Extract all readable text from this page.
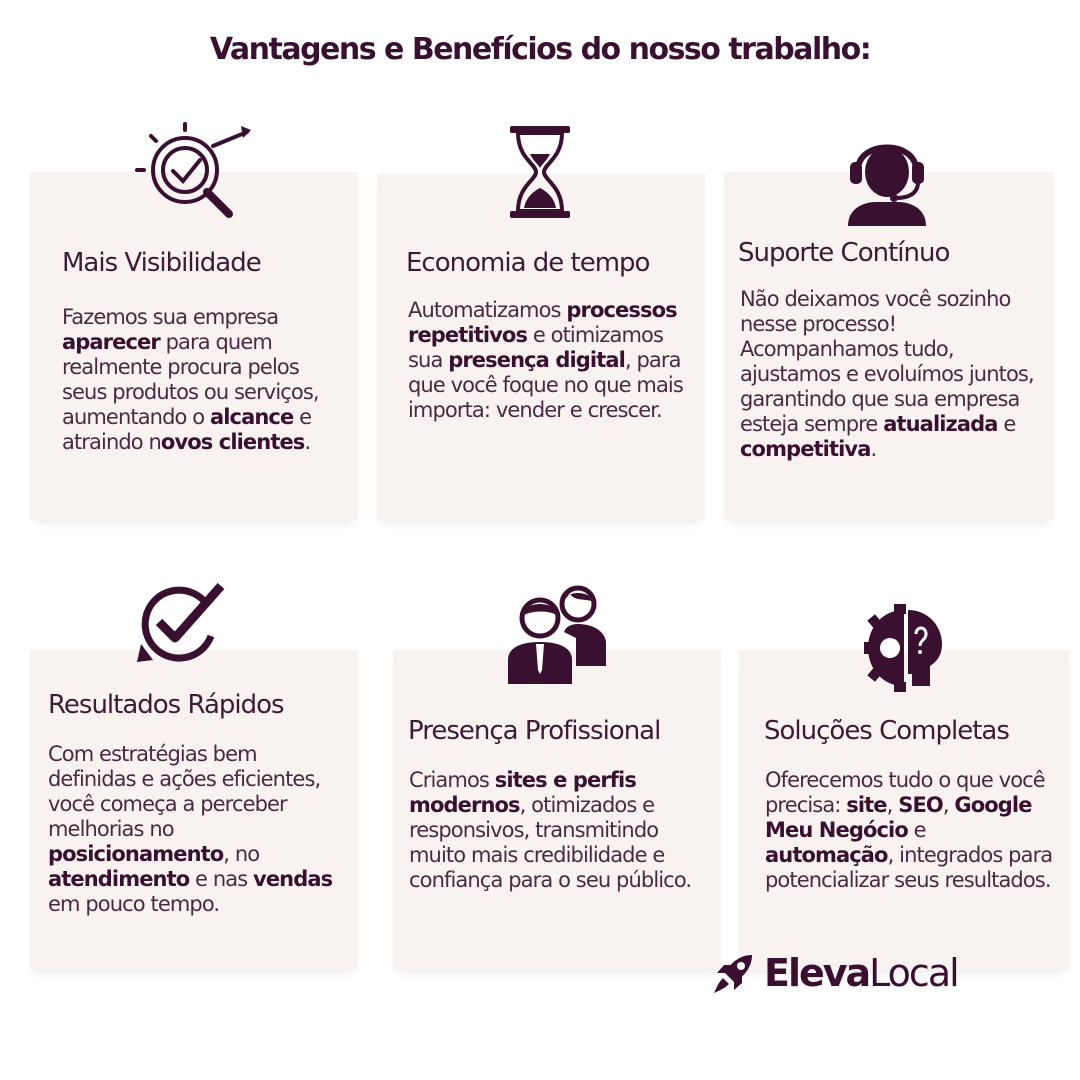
Vantagens e Benefícios do nosso trabalho:
Mais Visibilidade

Fazemos sua empresa aparecer para quem realmente procura pelos seus produtos ou serviços, aumentando o alcance e atraindo novos clientes.

Economia de tempo

Automatizamos processos repetitivos e otimizamos sua presença digital, para que você foque no que mais importa: vender e crescer.

Suporte Contínuo

Não deixamos você sozinho nesse processo! Acompanhamos tudo, ajustamos e evoluímos juntos, garantindo que sua empresa esteja sempre atualizada e competitiva.

Resultados Rápidos

Com estratégias bem definidas e ações eficientes, você começa a perceber melhorias no posicionamento, no atendimento e nas vendas em pouco tempo.

Presença Profissional

Criamos sites e perfis modernos, otimizados e responsivos, transmitindo muito mais credibilidade e confiança para o seu público.

Soluções Completas

Oferecemos tudo o que você precisa: site, SEO, Google Meu Negócio e automação, integrados para potencializar seus resultados.

ElevaLocal
